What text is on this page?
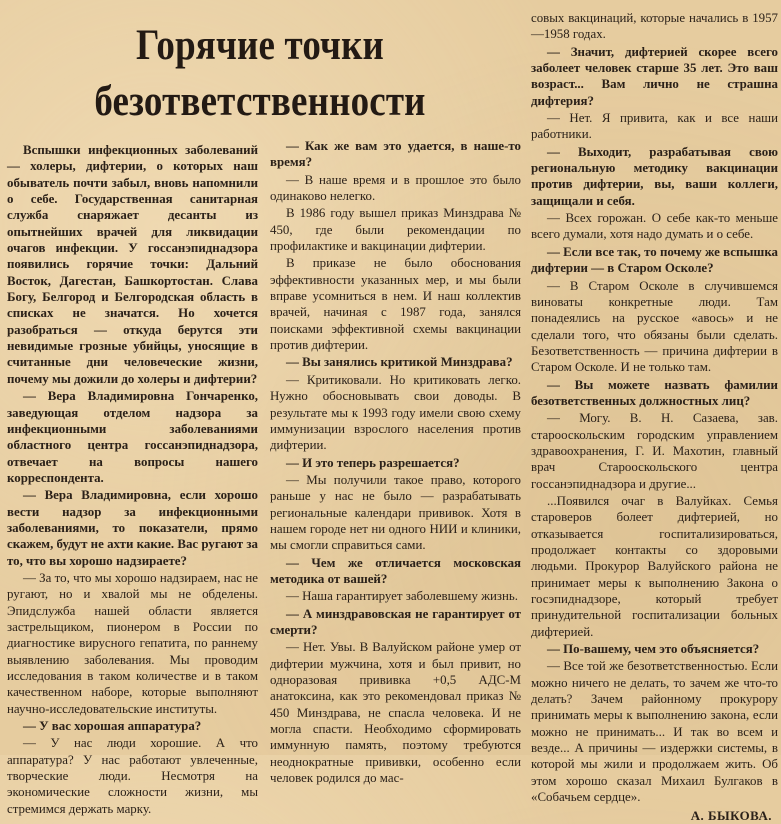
Горячие точки
безответственности

Вспышки инфекционных заболеваний — холеры, дифтерии, о которых наш обыватель почти забыл, вновь напомнили о себе. Государственная санитарная служба снаряжает десанты из опытнейших врачей для ликвидации очагов инфекции. У госсанэпиднадзора появились горячие точки: Дальний Восток, Дагестан, Башкортостан. Слава Богу, Белгород и Белгородская область в списках не значатся. Но хочется разобраться — откуда берутся эти невидимые грозные убийцы, уносящие в считанные дни человеческие жизни, почему мы дожили до холеры и дифтерии?

— Вера Владимировна Гончаренко, заведующая отделом надзора за инфекционными заболеваниями областного центра госсанэпиднадзора, отвечает на вопросы нашего корреспондента.

— Вера Владимировна, если хорошо вести надзор за инфекционными заболеваниями, то показатели, прямо скажем, будут не ахти какие. Вас ругают за то, что вы хорошо надзираете?

— За то, что мы хорошо надзираем, нас не ругают, но и хвалой мы не обделены. Эпидслужба нашей области является застрельщиком, пионером в России по диагностике вирусного гепатита, по раннему выявлению заболевания. Мы проводим исследования в таком количестве и в таком качественном наборе, которые выполняют научно-исследовательские институты.

— У вас хорошая аппаратура?

— У нас люди хорошие. А что аппаратура? У нас работают увлеченные, творческие люди. Несмотря на экономические сложности жизни, мы стремимся держать марку.

— Как же вам это удается, в наше-то время?

— В наше время и в прошлое это было одинаково нелегко.

В 1986 году вышел приказ Минздрава № 450, где были рекомендации по профилактике и вакцинации дифтерии.

В приказе не было обоснования эффективности указанных мер, и мы были вправе усомниться в нем. И наш коллектив врачей, начиная с 1987 года, занялся поисками эффективной схемы вакцинации против дифтерии.

— Вы занялись критикой Минздрава?

— Критиковали. Но критиковать легко. Нужно обосновывать свои доводы. В результате мы к 1993 году имели свою схему иммунизации взрослого населения против дифтерии.

— И это теперь разрешается?

— Мы получили такое право, которого раньше у нас не было — разрабатывать региональные календари прививок. Хотя в нашем городе нет ни одного НИИ и клиники, мы смогли справиться сами.

— Чем же отличается московская методика от вашей?

— Наша гарантирует заболевшему жизнь.

— А минздравовская не гарантирует от смерти?

— Нет. Увы. В Валуйском районе умер от дифтерии мужчина, хотя и был привит, но одноразовая прививка +0,5 АДС-М анатоксина, как это рекомендовал приказ № 450 Минздрава, не спасла человека. И не могла спасти. Необходимо сформировать иммунную память, поэтому требуются неоднократные прививки, особенно если человек родился до мас-

совых вакцинаций, которые начались в 1957—1958 годах.

— Значит, дифтерией скорее всего заболеет человек старше 35 лет. Это ваш возраст... Вам лично не страшна дифтерия?

— Нет. Я привита, как и все наши работники.

— Выходит, разрабатывая свою региональную методику вакцинации против дифтерии, вы, ваши коллеги, защищали и себя.

— Всех горожан. О себе как-то меньше всего думали, хотя надо думать и о себе.

— Если все так, то почему же вспышка дифтерии — в Старом Осколе?

— В Старом Осколе в случившемся виноваты конкретные люди. Там понадеялись на русское «авось» и не сделали того, что обязаны были сделать. Безответственность — причина дифтерии в Старом Осколе. И не только там.

— Вы можете назвать фамилии безответственных должностных лиц?

— Могу. В. Н. Сазаева, зав. старооскольским городским управлением здравоохранения, Г. И. Махотин, главный врач Старооскольского центра госсанэпиднадзора и другие...

...Появился очаг в Валуйках. Семья староверов болеет дифтерией, но отказывается госпитализироваться, продолжает контакты со здоровыми людьми. Прокурор Валуйского района не принимает меры к выполнению Закона о госэпиднадзоре, который требует принудительной госпитализации больных дифтерией.

— По-вашему, чем это объясняется?

— Все той же безответственностью. Если можно ничего не делать, то зачем же что-то делать? Зачем районному прокурору принимать меры к выполнению закона, если можно не принимать... И так во всем и везде... А причины — издержки системы, в которой мы жили и продолжаем жить. Об этом хорошо сказал Михаил Булгаков в «Собачьем сердце».

А. БЫКОВА.
